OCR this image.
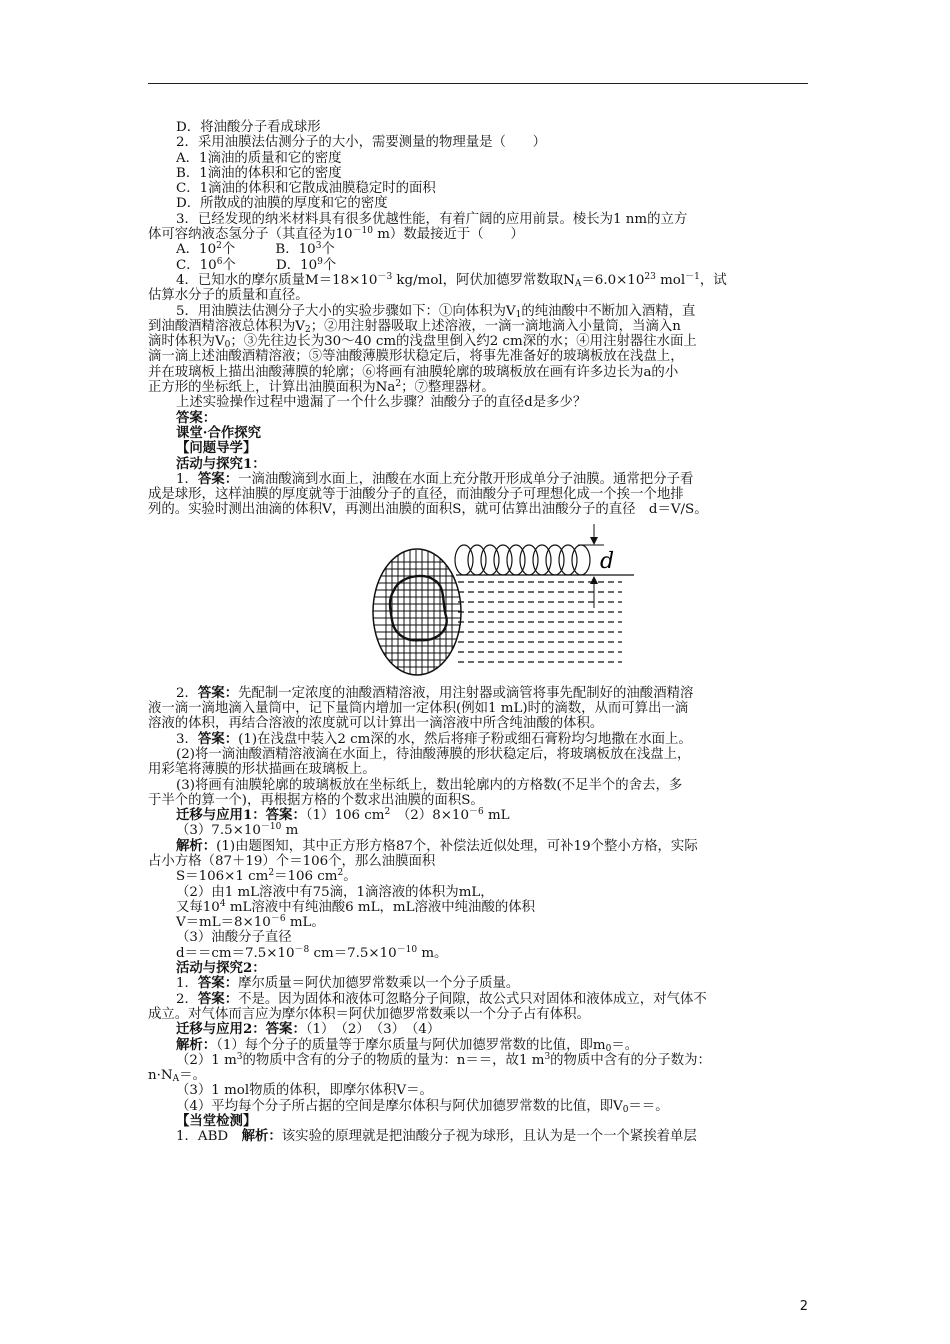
D．将油酸分子看成球形

2．采用油膜法估测分子的大小，需要测量的物理量是（　　）

A．1滴油的质量和它的密度

B．1滴油的体积和它的密度

C．1滴油的体积和它散成油膜稳定时的面积

D．所散成的油膜的厚度和它的密度

3．已经发现的纳米材料具有很多优越性能，有着广阔的应用前景。棱长为1 nm的立方

体可容纳液态氢分子（其直径为$10^{-10}$ m）数最接近于（　　）

A．$10^2$个　　　B．$10^3$个

C．$10^6$个　　　D．$10^9$个

4．已知水的摩尔质量$M=18\times 10^{-3}$ kg/mol，阿伏加德罗常数取$N_A=6.0\times 10^{23}$ mol$^{-1}$，试

估算水分子的质量和直径。

5．用油膜法估测分子大小的实验步骤如下：①向体积为$V_1$的纯油酸中不断加入酒精，直

到油酸酒精溶液总体积为$V_2$；②用注射器吸取上述溶液，一滴一滴地滴入小量筒，当滴入n

滴时体积为$V_0$；③先往边长为30～40 cm的浅盘里倒入约2 cm深的水；④用注射器往水面上

滴一滴上述油酸酒精溶液；⑤等油酸薄膜形状稳定后，将事先准备好的玻璃板放在浅盘上，

并在玻璃板上描出油酸薄膜的轮廓；⑥将画有油膜轮廓的玻璃板放在画有许多边长为a的小

正方形的坐标纸上，计算出油膜面积为Na$^2$；⑦整理器材。

上述实验操作过程中遗漏了一个什么步骤？油酸分子的直径d是多少？

答案：

课堂·合作探究

【问题导学】

活动与探究1：

1．答案：一滴油酸滴到水面上，油酸在水面上充分散开形成单分子油膜。通常把分子看

成是球形，这样油膜的厚度就等于油酸分子的直径，而油酸分子可理想化成一个挨一个地排

列的。实验时测出油滴的体积V，再测出油膜的面积S，就可估算出油酸分子的直径　d＝V/S。

d

2．答案：先配制一定浓度的油酸酒精溶液，用注射器或滴管将事先配制好的油酸酒精溶

液一滴一滴地滴入量筒中，记下量筒内增加一定体积(例如1 mL)时的滴数，从而可算出一滴

溶液的体积，再结合溶液的浓度就可以计算出一滴溶液中所含纯油酸的体积。

3．答案：(1)在浅盘中装入2 cm深的水，然后将痱子粉或细石膏粉均匀地撒在水面上。

(2)将一滴油酸酒精溶液滴在水面上，待油酸薄膜的形状稳定后，将玻璃板放在浅盘上，

用彩笔将薄膜的形状描画在玻璃板上。

(3)将画有油膜轮廓的玻璃板放在坐标纸上，数出轮廓内的方格数(不足半个的舍去，多

于半个的算一个)，再根据方格的个数求出油膜的面积S。

迁移与应用1：答案：（1）106 $cm^2$　$(2)8\times 10^{-6}$ mL

$(3)7.5\times 10^{-10}$ m

解析：(1)由题图知，其中正方形方格87个，补偿法近似处理，可补19个整小方格，实际

占小方格（87＋19）个＝106个，那么油膜面积

S＝106×1 $cm^2=106$ $cm^2$。

（2）由1 mL溶液中有75滴，1滴溶液的体积为mL，

又每$10^4$ mL溶液中有纯油酸6 mL，mL溶液中纯油酸的体积

$V=mL=8\times 10^{-6}$ mL。

（3）油酸分子直径

$d==cm=7.5\times 10^{-8}$ $cm=7.5\times 10^{-10}$ m。

活动与探究2：

1．答案：摩尔质量＝阿伏加德罗常数乘以一个分子质量。

2．答案：不是。因为固体和液体可忽略分子间隙，故公式只对固体和液体成立，对气体不

成立。对气体而言应为摩尔体积＝阿伏加德罗常数乘以一个分子占有体积。

迁移与应用2：答案：（1）　（2）　（3）　（4）

解析：（1）每个分子的质量等于摩尔质量与阿伏加德罗常数的比值，即$m_0=$。

（2）1 $m^3$的物质中含有的分子的物质的量为：n＝＝，故1 $m^3$的物质中含有的分子数为：

$n\cdot N_A=$。

（3）1 mol物质的体积，即摩尔体积V＝。

（4）平均每个分子所占据的空间是摩尔体积与阿伏加德罗常数的比值，即$V_0==$。

【当堂检测】

1．ABD　解析：该实验的原理就是把油酸分子视为球形，且认为是一个一个紧挨着单层

2
